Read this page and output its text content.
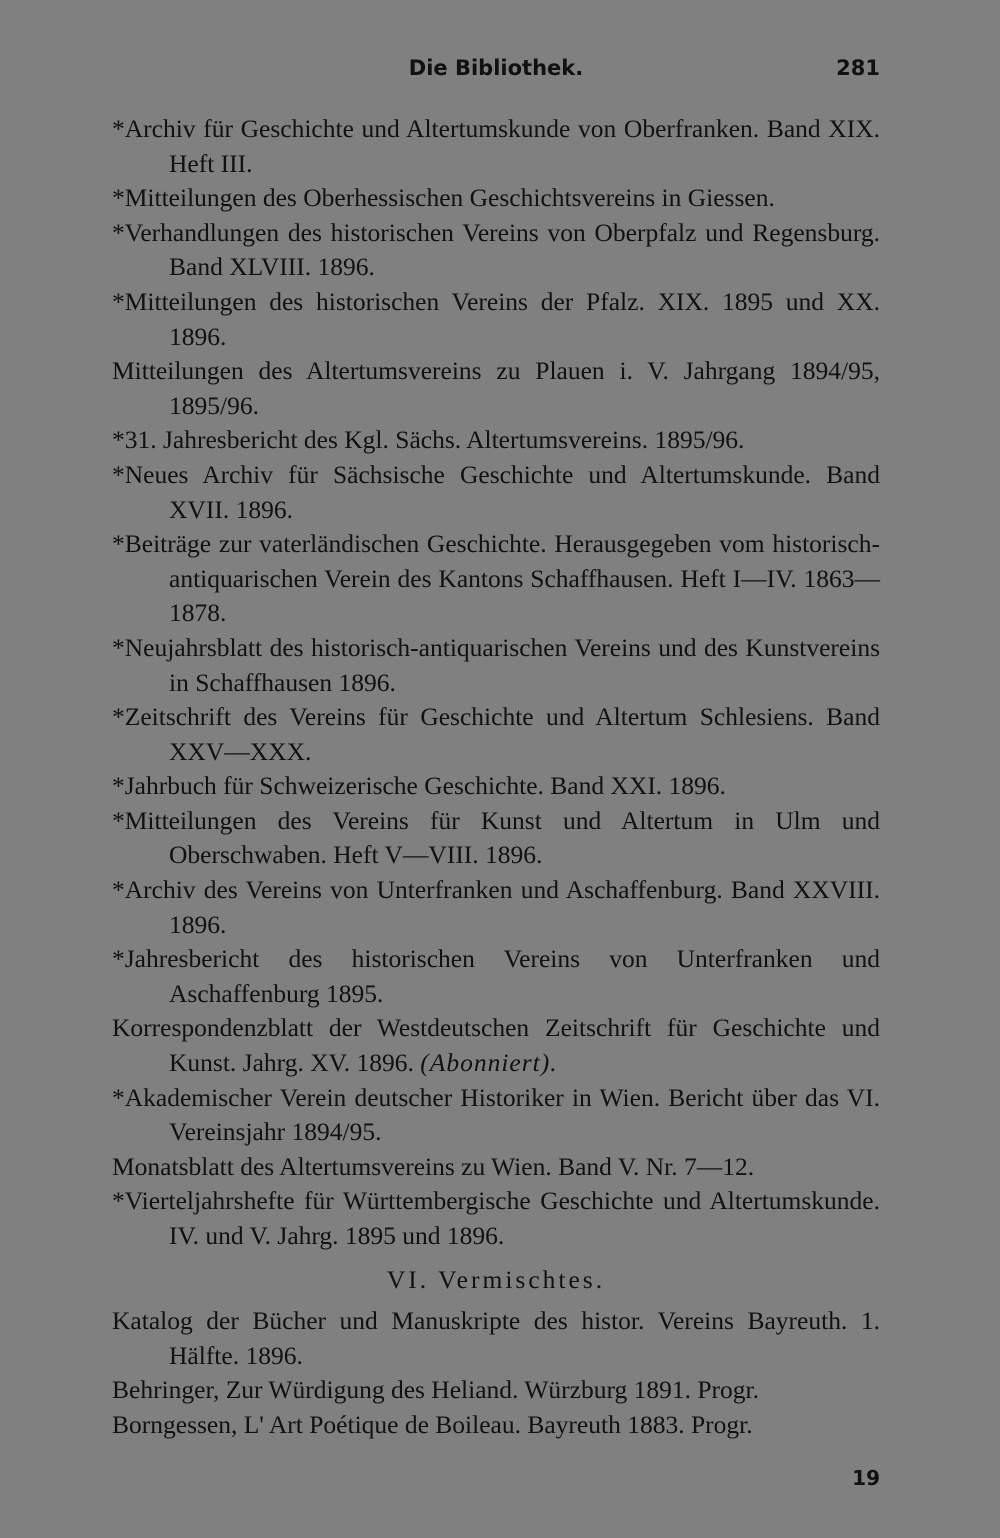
Die Bibliothek.	281

*Archiv für Geschichte und Altertumskunde von Oberfranken. Band XIX. Heft III.

*Mitteilungen des Oberhessischen Geschichtsvereins in Giessen.

*Verhandlungen des historischen Vereins von Oberpfalz und Regensburg. Band XLVIII. 1896.

*Mitteilungen des historischen Vereins der Pfalz. XIX. 1895 und XX. 1896.

Mitteilungen des Altertumsvereins zu Plauen i. V. Jahrgang 1894/95, 1895/96.

*31. Jahresbericht des Kgl. Sächs. Altertumsvereins. 1895/96.

*Neues Archiv für Sächsische Geschichte und Altertumskunde. Band XVII. 1896.

*Beiträge zur vaterländischen Geschichte. Herausgegeben vom historisch-antiquarischen Verein des Kantons Schaffhausen. Heft I—IV. 1863—1878.

*Neujahrsblatt des historisch-antiquarischen Vereins und des Kunstvereins in Schaffhausen 1896.

*Zeitschrift des Vereins für Geschichte und Altertum Schlesiens. Band XXV—XXX.

*Jahrbuch für Schweizerische Geschichte. Band XXI. 1896.

*Mitteilungen des Vereins für Kunst und Altertum in Ulm und Oberschwaben. Heft V—VIII. 1896.

*Archiv des Vereins von Unterfranken und Aschaffenburg. Band XXVIII. 1896.

*Jahresbericht des historischen Vereins von Unterfranken und Aschaffenburg 1895.

Korrespondenzblatt der Westdeutschen Zeitschrift für Geschichte und Kunst. Jahrg. XV. 1896. (Abonniert).

*Akademischer Verein deutscher Historiker in Wien. Bericht über das VI. Vereinsjahr 1894/95.

Monatsblatt des Altertumsvereins zu Wien. Band V. Nr. 7—12.

*Vierteljahrshefte für Württembergische Geschichte und Altertumskunde. IV. und V. Jahrg. 1895 und 1896.

VI. Vermischtes.

Katalog der Bücher und Manuskripte des histor. Vereins Bayreuth. 1. Hälfte. 1896.

Behringer, Zur Würdigung des Heliand. Würzburg 1891. Progr.

Borngessen, L' Art Poétique de Boileau. Bayreuth 1883. Progr.

19
